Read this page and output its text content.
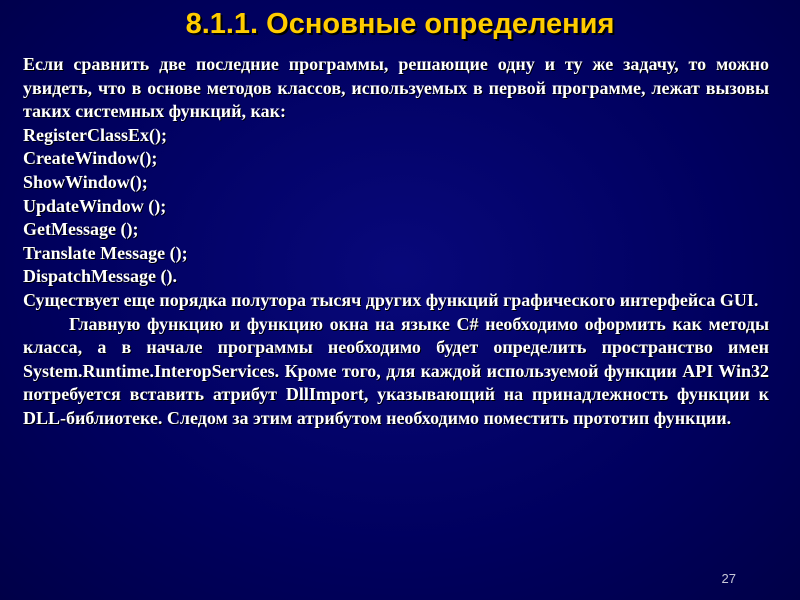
8.1.1. Основные определения

Если сравнить две последние программы, решающие одну и ту же задачу, то можно увидеть, что в основе методов классов, используемых в первой программе, лежат вызовы таких системных функций, как:

RegisterClassEx();
CreateWindow();
ShowWindow();
UpdateWindow ();
GetMessage ();
Translate Message ();
DispatchMessage ().

Существует еще порядка полутора тысяч других функций графического интерфейса GUI.

Главную функцию и функцию окна на языке C# необходимо оформить как методы класса, а в начале программы необходимо будет определить пространство имен System.Runtime.InteropServices. Кроме того, для каждой используемой функции API Win32 потребуется вставить атрибут DllImport, указывающий на принадлежность функции к DLL-библиотеке. Следом за этим атрибутом необходимо поместить прототип функции.

27
